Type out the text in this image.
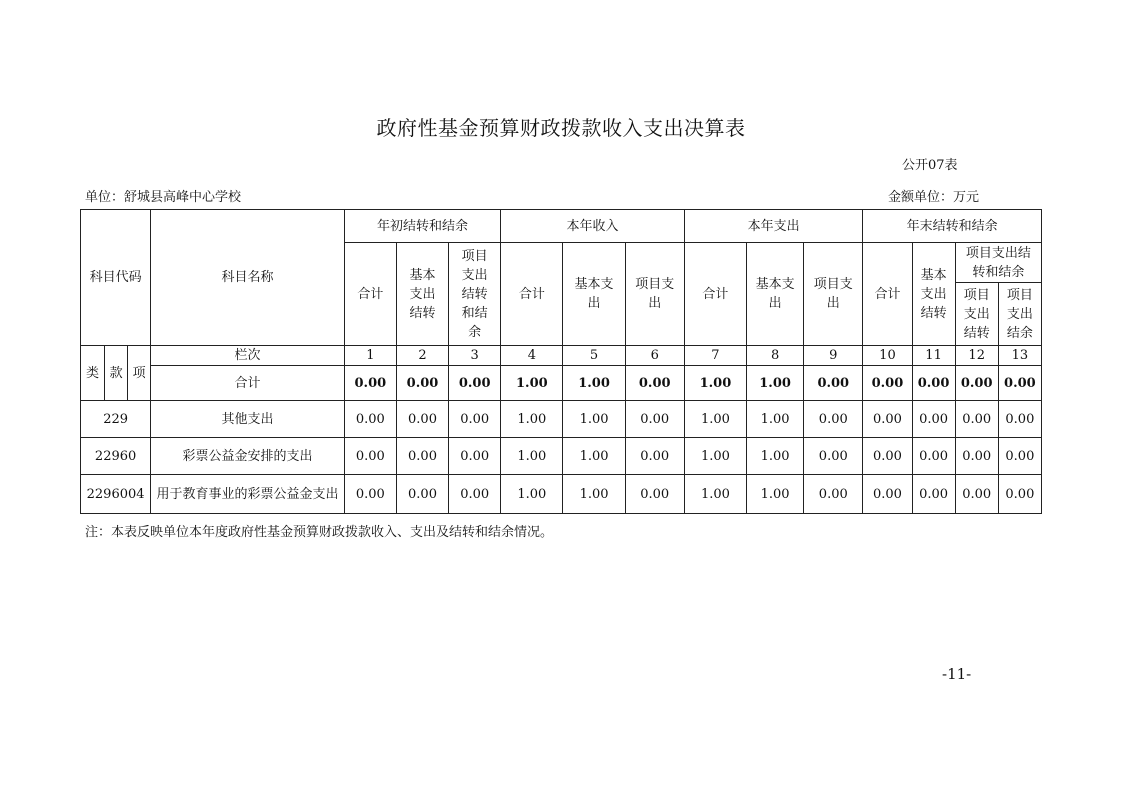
政府性基金预算财政拨款收入支出决算表
公开07表
单位：舒城县高峰中心学校	金额单位：万元
科目代码			科目名称	年初结转和结余			本年收入			本年支出			年末结转和结余			
				合计	基本支出结转	项目支出结转和结余	合计	基本支出	项目支出	合计	基本支出	项目支出	合计	基本支出结转	项目支出结转和结余	

															项目支出结转	项目支出结余

类	款	项	栏次	1	2	3	4	5	6	7	8	9	10	11	12	13
			合计	0.00	0.00	0.00	1.00	1.00	0.00	1.00	1.00	0.00	0.00	0.00	0.00	0.00
229			其他支出	0.00	0.00	0.00	1.00	1.00	0.00	1.00	1.00	0.00	0.00	0.00	0.00	0.00
22960			彩票公益金安排的支出	0.00	0.00	0.00	1.00	1.00	0.00	1.00	1.00	0.00	0.00	0.00	0.00	0.00
2296004			用于教育事业的彩票公益金支出	0.00	0.00	0.00	1.00	1.00	0.00	1.00	1.00	0.00	0.00	0.00	0.00	0.00
注：本表反映单位本年度政府性基金预算财政拨款收入、支出及结转和结余情况。
-11-
